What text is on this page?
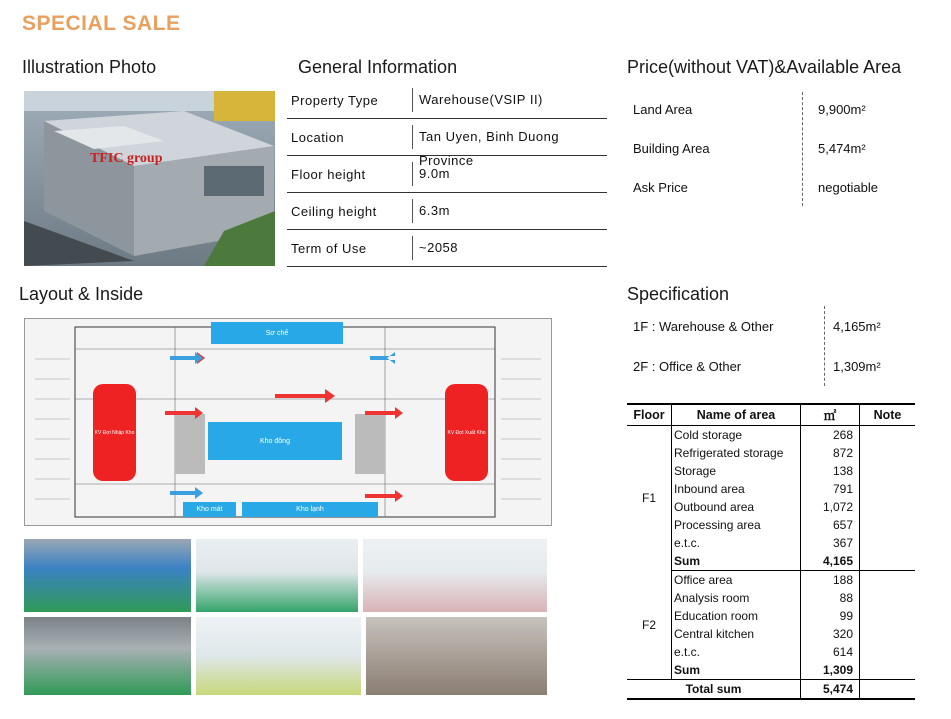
SPECIAL SALE
Illustration Photo	General Information	Price(without VAT)&Available Area
Layout & Inside	Specification
TFIC group
Property Type	Warehouse(VSIP II)
Location	Tan Uyen, Binh Duong Province
Floor height	9.0m
Ceiling height	6.3m
Term of Use	~2058
Land Area	9,900m²
Building Area	5,474m²
Ask Price	negotiable
1F : Warehouse & Other	4,165m²
2F : Office & Other	1,309m²
Sơ chế
Kho đông
Kho mát	Kho lạnh
KV Đợi Nhập Kho	KV Đợi Xuất Kho
Floor	Name of area	㎡	Note
F1	Cold storage	268	
	Refrigerated storage	872	
	Storage	138	
	Inbound area	791	
	Outbound area	1,072	
	Processing area	657	
	e.t.c.	367	
	Sum	4,165	
F2	Office area	188	
	Analysis room	88	
	Education room	99	
	Central kitchen	320	
	e.t.c.	614	
	Sum	1,309	
Total sum		5,474	
